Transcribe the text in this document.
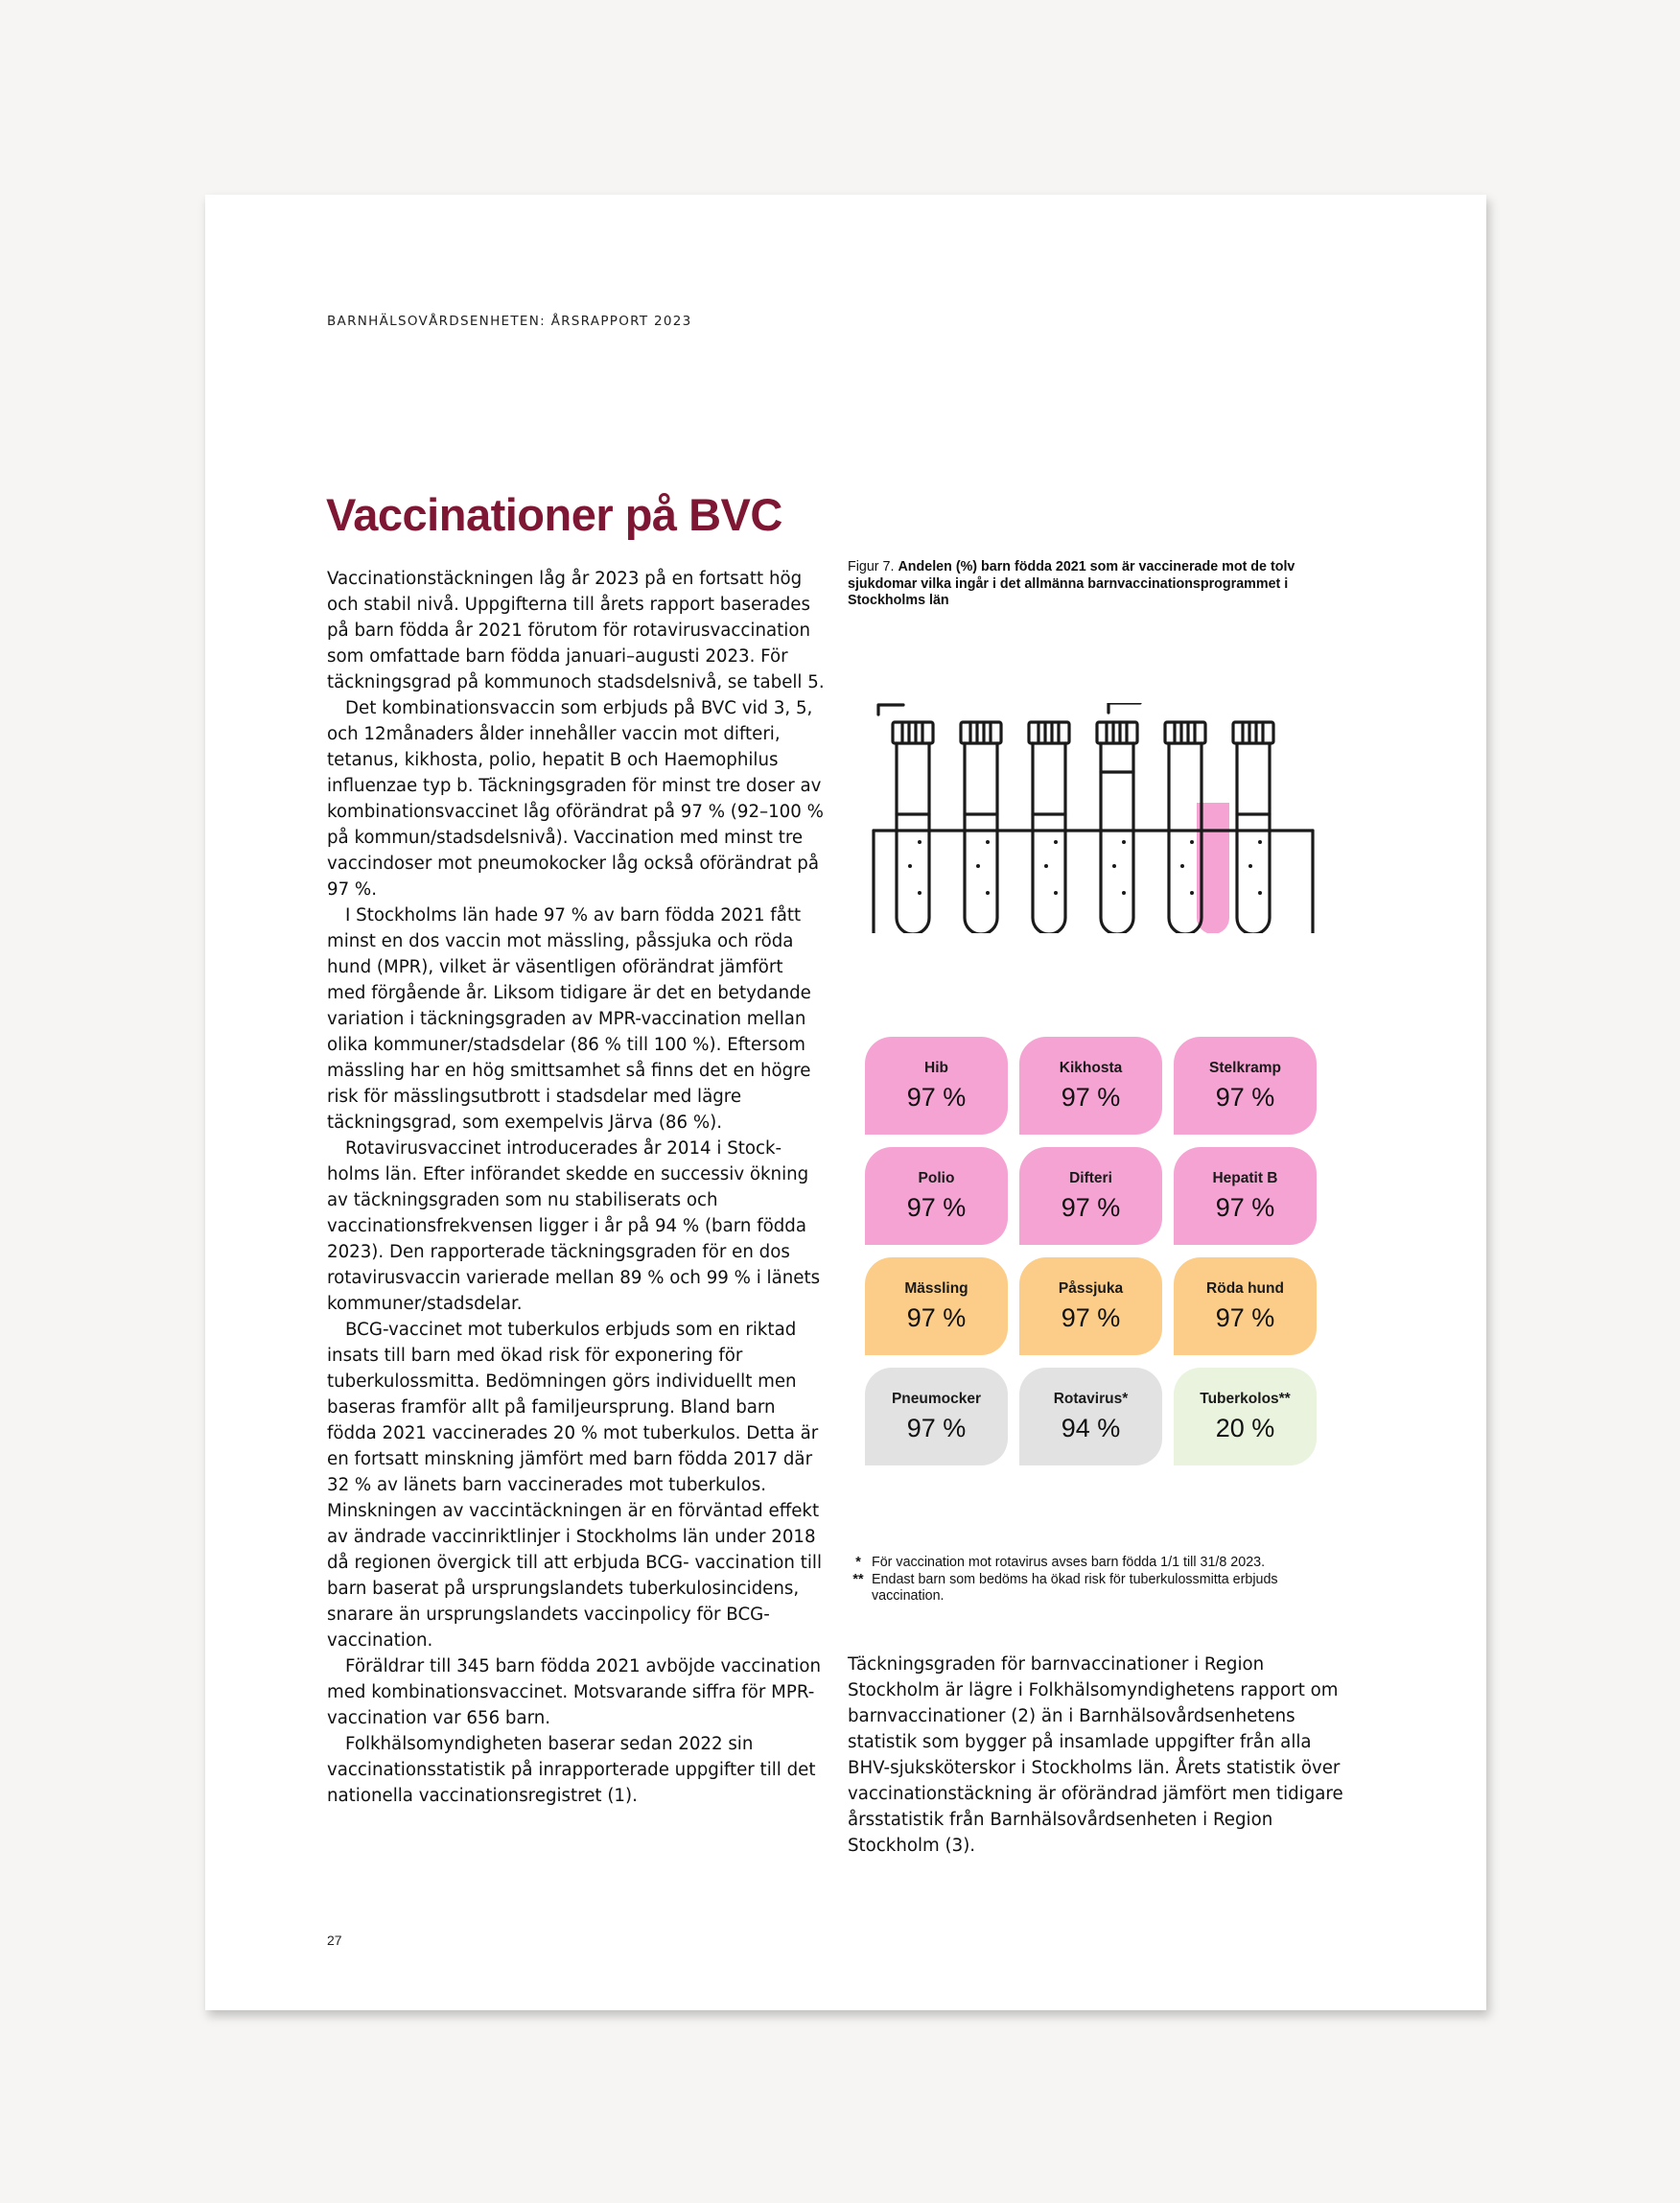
BARNHÄLSOVÅRDSENHETEN: ÅRSRAPPORT 2023
Vaccinationer på BVC

Vaccinationstäckningen låg år 2023 på en fortsatt hög och stabil nivå. Uppgifterna till årets rapport baserades på barn födda år 2021 förutom för rotavirusvaccination som omfattade barn födda januari–augusti 2023. För täckningsgrad på kommunoch stadsdelsnivå, se tabell 5.

Det kombinationsvaccin som erbjuds på BVC vid 3, 5, och 12månaders ålder innehåller vaccin mot difteri, tetanus, kikhosta, polio, hepatit B och Haemophilus influenzae typ b. Täckningsgraden för minst tre doser av kombinationsvaccinet låg oförändrat på 97 % (92–100 % på kommun/stadsdelsnivå). Vaccination med minst tre vaccindoser mot pneumokocker låg också oförändrat på 97 %.

I Stockholms län hade 97 % av barn födda 2021 fått minst en dos vaccin mot mässling, påssjuka och röda hund (MPR), vilket är väsentligen oförändrat jämfört med förgående år. Liksom tidigare är det en betydande variation i täckningsgraden av MPR-vaccination mellan olika kommuner/stadsdelar (86 % till 100 %). Eftersom mässling har en hög smittsamhet så finns det en högre risk för mässlingsutbrott i stadsdelar med lägre täckningsgrad, som exempelvis Järva (86 %).

Rotavirusvaccinet introducerades år 2014 i Stockholms län. Efter införandet skedde en successiv ökning av täckningsgraden som nu stabiliserats och vaccinationsfrekvensen ligger i år på 94 % (barn födda 2023). Den rapporterade täckningsgraden för en dos rotavirusvaccin varierade mellan 89 % och 99 % i länets kommuner/stadsdelar.

BCG-vaccinet mot tuberkulos erbjuds som en riktad insats till barn med ökad risk för exponering för tuberkulossmitta. Bedömningen görs individuellt men baseras framför allt på familjeursprung. Bland barn födda 2021 vaccinerades 20 % mot tuberkulos. Detta är en fortsatt minskning jämfört med barn födda 2017 där 32 % av länets barn vaccinerades mot tuberkulos. Minskningen av vaccintäckningen är en förväntad effekt av ändrade vaccinriktlinjer i Stockholms län under 2018 då regionen övergick till att erbjuda BCG- vaccination till barn baserat på ursprungslandets tuberkulosincidens, snarare än ursprungslandets vaccinpolicy för BCG-vaccination.

Föräldrar till 345 barn födda 2021 avböjde vaccination med kombinationsvaccinet. Motsvarande siffra för MPR-vaccination var 656 barn.

Folkhälsomyndigheten baserar sedan 2022 sin vaccinationsstatistik på inrapporterade uppgifter till det nationella vaccinationsregistret (1).

Figur 7. Andelen (%) barn födda 2021 som är vaccinerade mot de tolv sjukdomar vilka ingår i det allmänna barnvaccinationsprogrammet i Stockholms län
Hib
97 %
Kikhosta
97 %
Stelkramp
97 %
Polio
97 %
Difteri
97 %
Hepatit B
97 %
Mässling
97 %
Påssjuka
97 %
Röda hund
97 %
Pneumocker
97 %
Rotavirus*
94 %
Tuberkolos**
20 %
* För vaccination mot rotavirus avses barn födda 1/1 till 31/8 2023.
** Endast barn som bedöms ha ökad risk för tuberkulossmitta erbjuds vaccination.

Täckningsgraden för barnvaccinationer i Region Stockholm är lägre i Folkhälsomyndighetens rapport om barnvaccinationer (2) än i Barnhälsovårdsenhetens statistik som bygger på insamlade uppgifter från alla BHV-sjuksköterskor i Stockholms län. Årets statistik över vaccinationstäckning är oförändrad jämfört men tidigare årsstatistik från Barnhälsovårdsenheten i Region Stockholm (3).

27
